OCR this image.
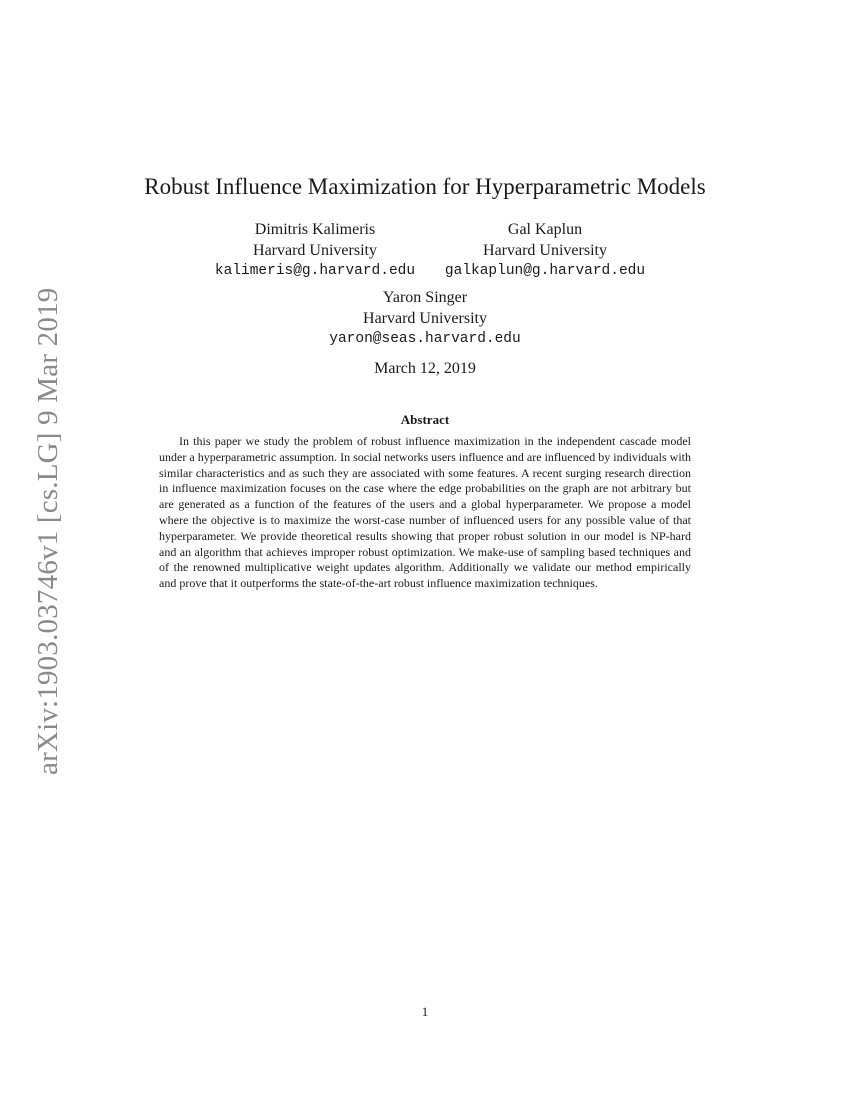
arXiv:1903.03746v1 [cs.LG] 9 Mar 2019
Robust Influence Maximization for Hyperparametric Models
Dimitris Kalimeris
Harvard University
kalimeris@g.harvard.edu
Gal Kaplun
Harvard University
galkaplun@g.harvard.edu
Yaron Singer
Harvard University
yaron@seas.harvard.edu
March 12, 2019
Abstract

In this paper we study the problem of robust influence maximization in the independent cascade model under a hyperparametric assumption. In social networks users influence and are influenced by individuals with similar characteristics and as such they are associated with some features. A recent surging research direction in influence maximization focuses on the case where the edge probabilities on the graph are not arbitrary but are generated as a function of the features of the users and a global hyperparameter. We propose a model where the objective is to maximize the worst-case number of influenced users for any possible value of that hyperparameter. We provide theoretical results showing that proper robust solution in our model is NP-hard and an algorithm that achieves improper robust optimization. We make-use of sampling based techniques and of the renowned multiplicative weight updates algorithm. Additionally we validate our method empirically and prove that it outperforms the state-of-the-art robust influence maximization techniques.

1
